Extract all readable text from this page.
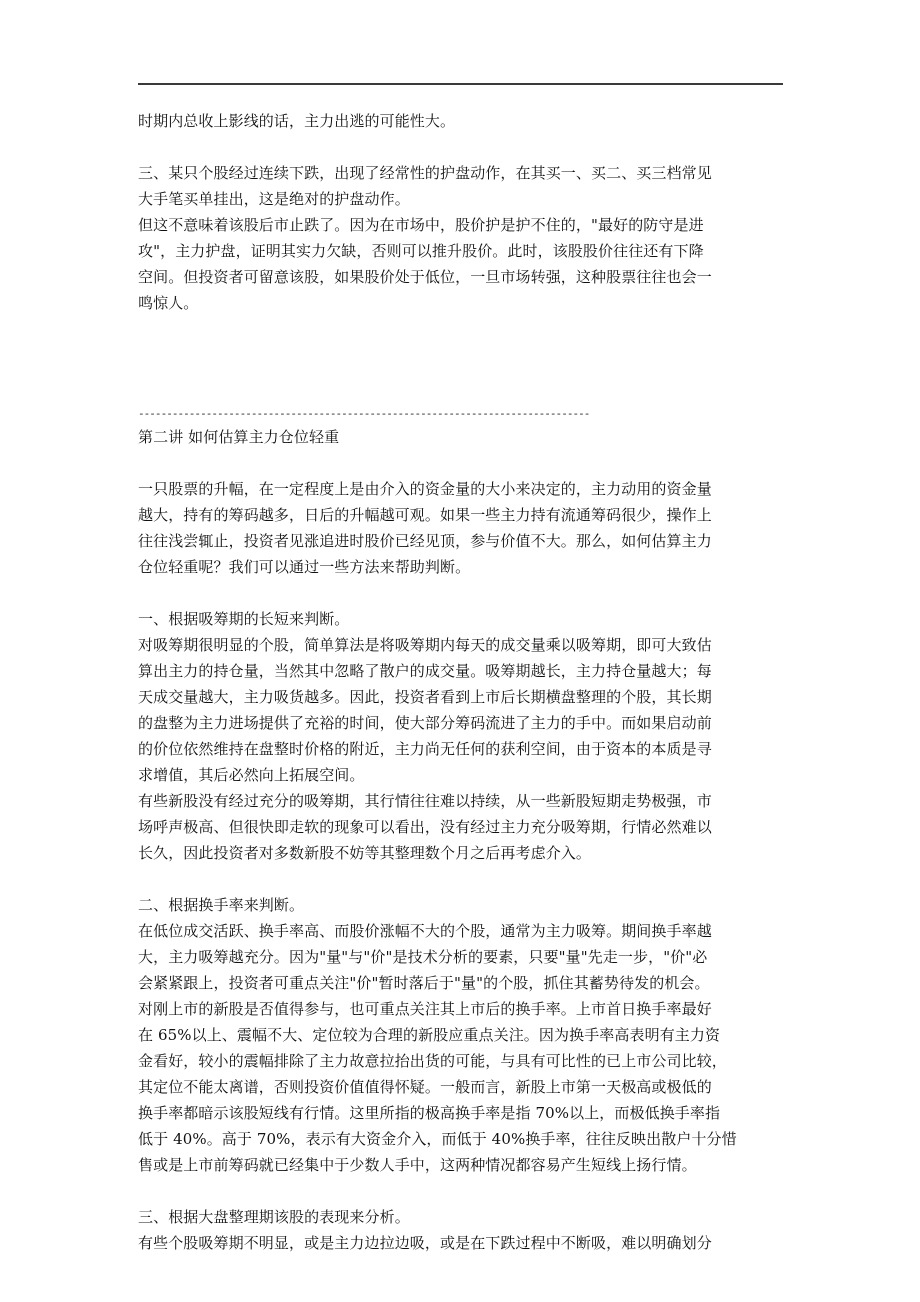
时期内总收上影线的话，主力出逃的可能性大。
三、某只个股经过连续下跌，出现了经常性的护盘动作，在其买一、买二、买三档常见
大手笔买单挂出，这是绝对的护盘动作。
但这不意味着该股后市止跌了。因为在市场中，股价护是护不住的，"最好的防守是进
攻"，主力护盘，证明其实力欠缺，否则可以推升股价。此时，该股股价往往还有下降
空间。但投资者可留意该股，如果股价处于低位，一旦市场转强，这种股票往往也会一
鸣惊人。
--------------------------------------------------------------------------------
第二讲 如何估算主力仓位轻重
一只股票的升幅，在一定程度上是由介入的资金量的大小来决定的，主力动用的资金量
越大，持有的筹码越多，日后的升幅越可观。如果一些主力持有流通筹码很少，操作上
往往浅尝辄止，投资者见涨追进时股价已经见顶，参与价值不大。那么，如何估算主力
仓位轻重呢？我们可以通过一些方法来帮助判断。
一、根据吸筹期的长短来判断。
对吸筹期很明显的个股，简单算法是将吸筹期内每天的成交量乘以吸筹期，即可大致估
算出主力的持仓量，当然其中忽略了散户的成交量。吸筹期越长，主力持仓量越大；每
天成交量越大，主力吸货越多。因此，投资者看到上市后长期横盘整理的个股，其长期
的盘整为主力进场提供了充裕的时间，使大部分筹码流进了主力的手中。而如果启动前
的价位依然维持在盘整时价格的附近，主力尚无任何的获利空间，由于资本的本质是寻
求增值，其后必然向上拓展空间。
有些新股没有经过充分的吸筹期，其行情往往难以持续，从一些新股短期走势极强，市
场呼声极高、但很快即走软的现象可以看出，没有经过主力充分吸筹期，行情必然难以
长久，因此投资者对多数新股不妨等其整理数个月之后再考虑介入。
二、根据换手率来判断。
在低位成交活跃、换手率高、而股价涨幅不大的个股，通常为主力吸筹。期间换手率越
大，主力吸筹越充分。因为"量"与"价"是技术分析的要素，只要"量"先走一步，"价"必
会紧紧跟上，投资者可重点关注"价"暂时落后于"量"的个股，抓住其蓄势待发的机会。
对刚上市的新股是否值得参与，也可重点关注其上市后的换手率。上市首日换手率最好
在 65%以上、震幅不大、定位较为合理的新股应重点关注。因为换手率高表明有主力资
金看好，较小的震幅排除了主力故意拉抬出货的可能，与具有可比性的已上市公司比较，
其定位不能太离谱，否则投资价值值得怀疑。一般而言，新股上市第一天极高或极低的
换手率都暗示该股短线有行情。这里所指的极高换手率是指 70%以上，而极低换手率指
低于 40%。高于 70%，表示有大资金介入，而低于 40%换手率，往往反映出散户十分惜
售或是上市前筹码就已经集中于少数人手中，这两种情况都容易产生短线上扬行情。
三、根据大盘整理期该股的表现来分析。
有些个股吸筹期不明显，或是主力边拉边吸，或是在下跌过程中不断吸，难以明确划分
